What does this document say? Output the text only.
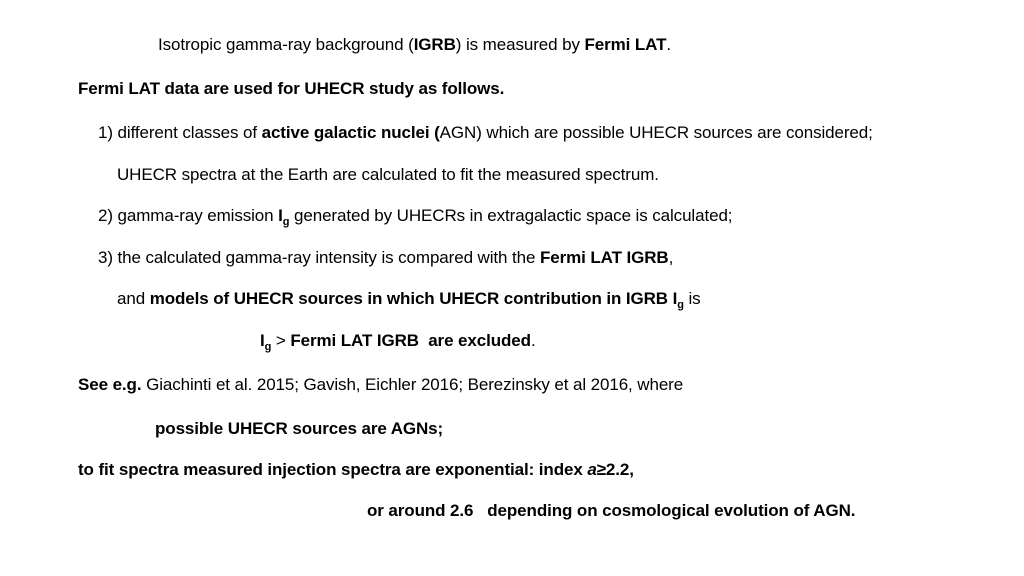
Isotropic gamma-ray background (IGRB) is measured by Fermi LAT.
Fermi LAT data are used for UHECR study as follows.
1) different classes of active galactic nuclei (AGN) which are possible UHECR sources are considered;
UHECR spectra at the Earth are calculated to fit the measured spectrum.
2) gamma-ray emission $I_g$ generated by UHECRs in extragalactic space is calculated;
3) the calculated gamma-ray intensity is compared with the Fermi LAT IGRB,
and models of UHECR sources in which UHECR contribution in IGRB $I_g$ is
$I_g$ > Fermi LAT IGRB  are excluded.
See e.g. Giachinti et al. 2015; Gavish, Eichler 2016; Berezinsky et al 2016, where
possible UHECR sources are AGNs;
to fit spectra measured injection spectra are exponential: index a≥2.2,
or around 2.6   depending on cosmological evolution of AGN.
